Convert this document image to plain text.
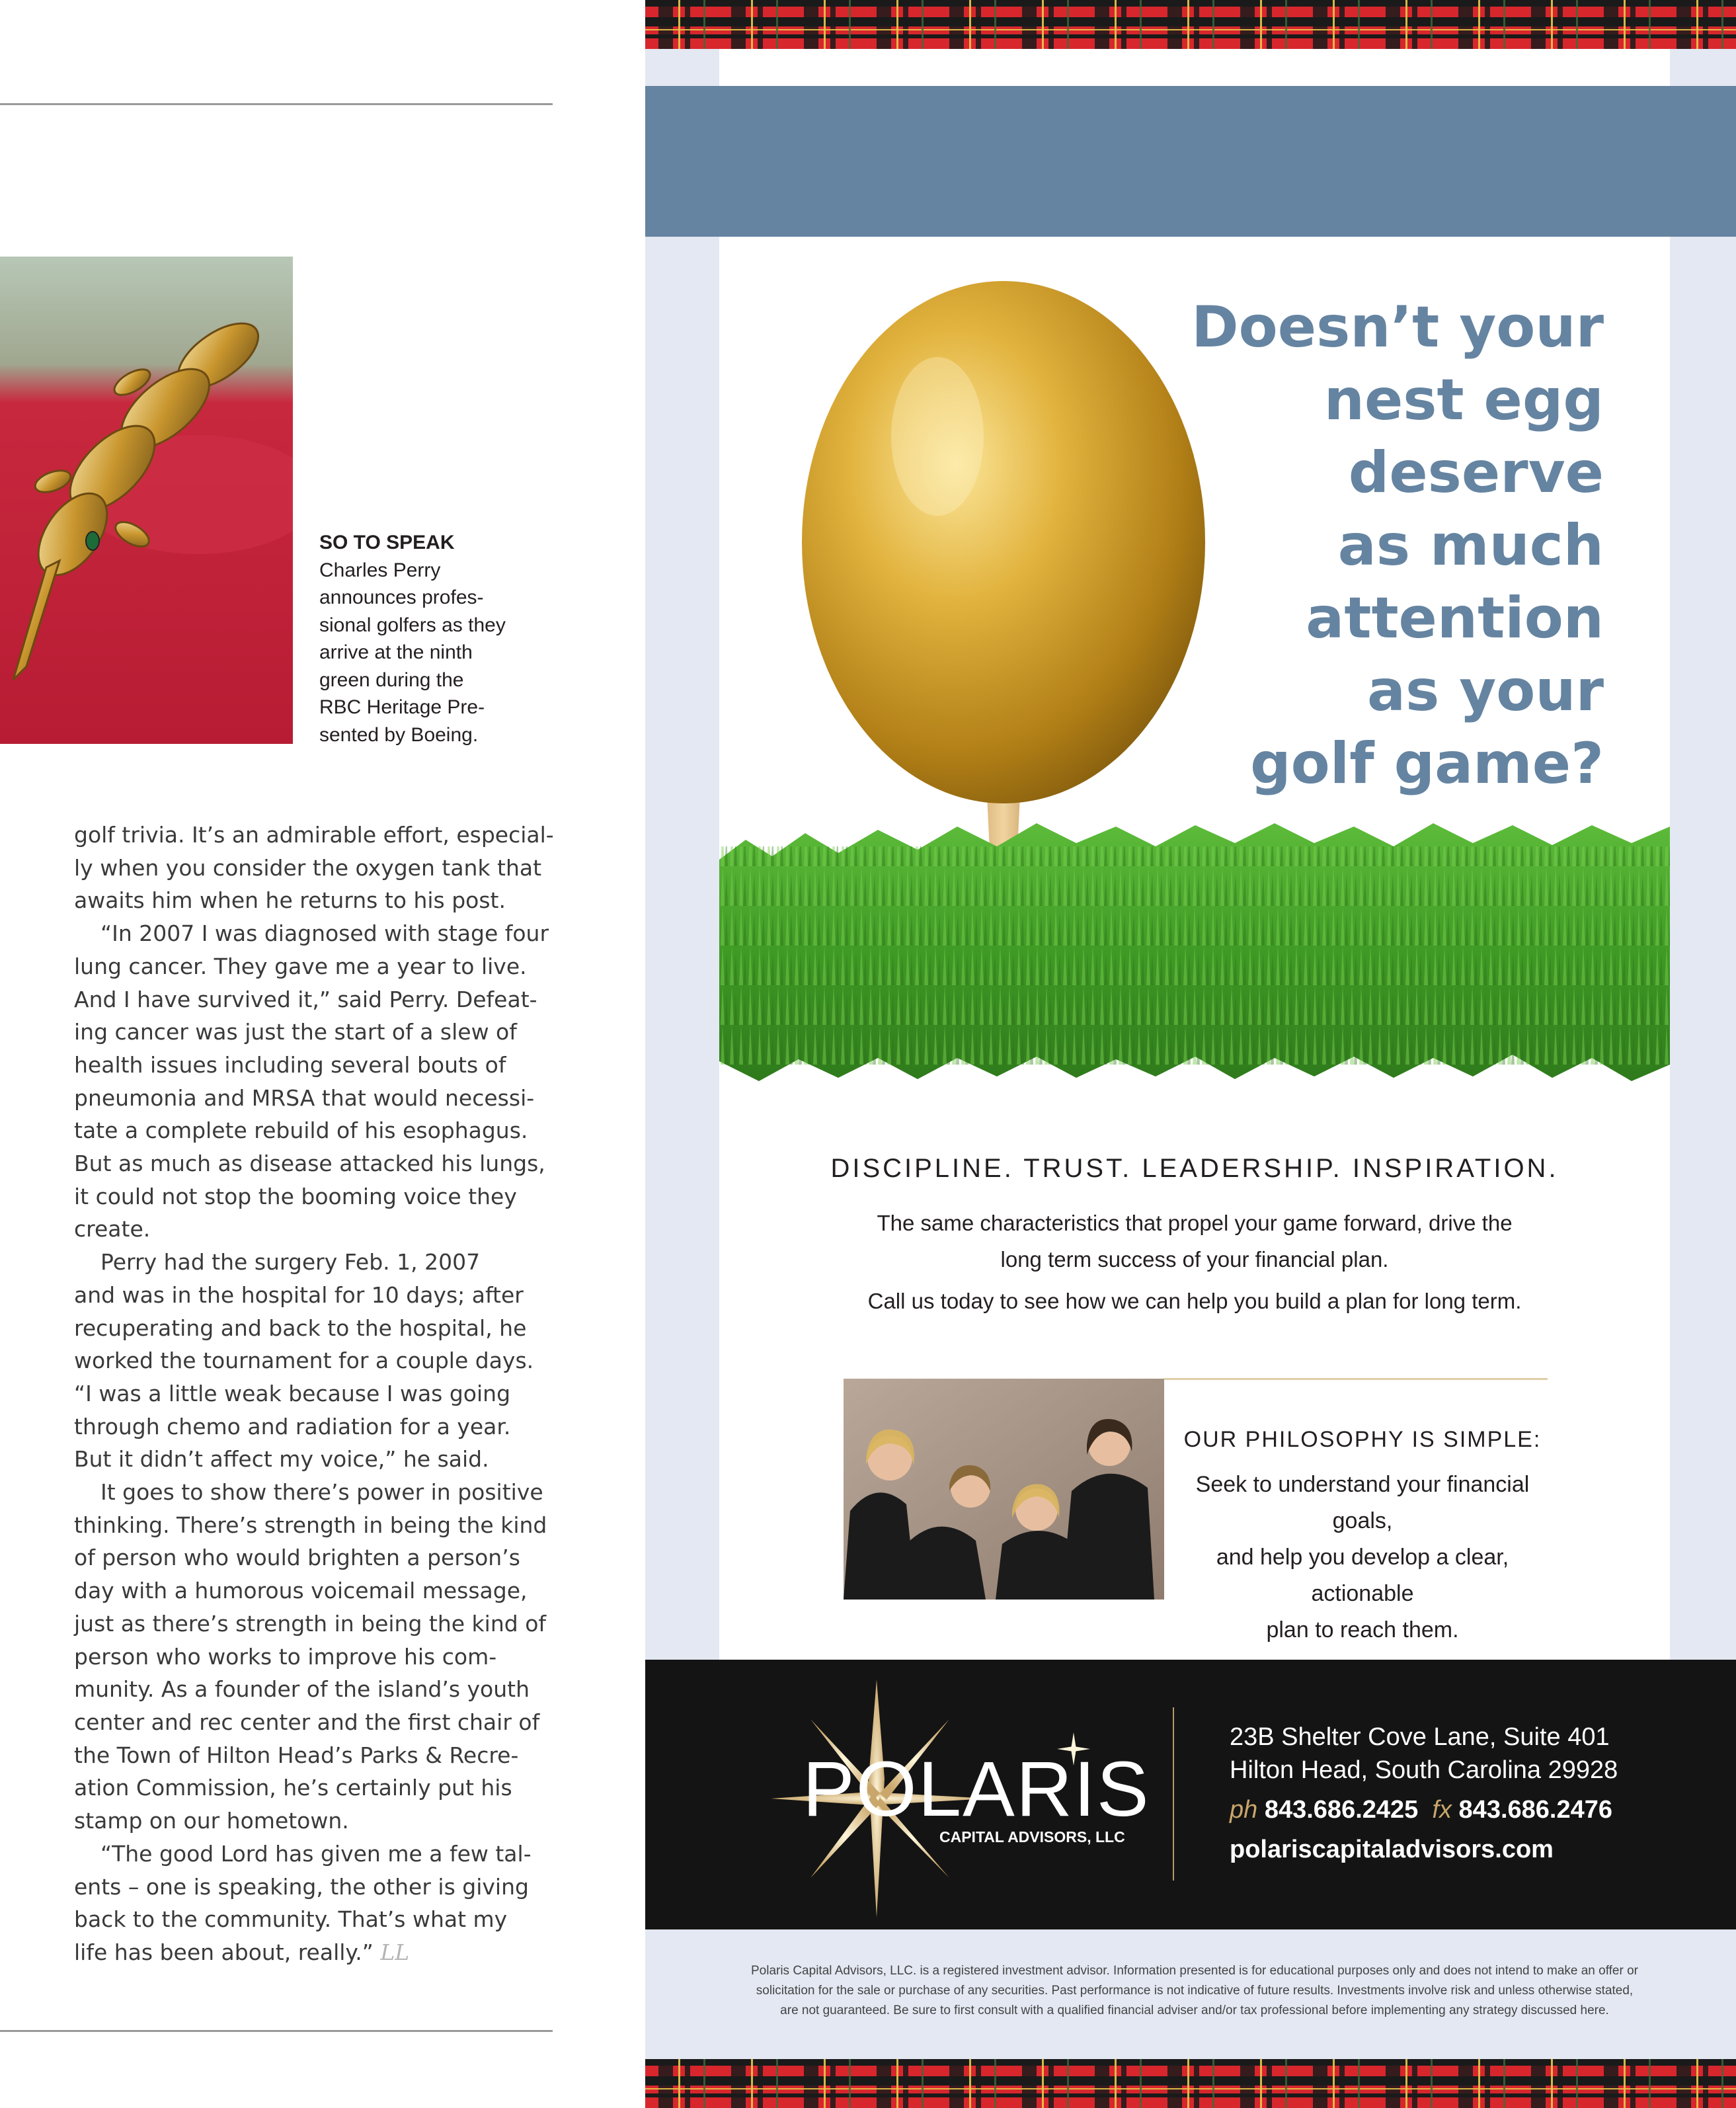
SO TO SPEAK
Charles Perry
announces profes-
sional golfers as they
arrive at the ninth
green during the
RBC Heritage Pre-
sented by Boeing.
golf trivia. It’s an admirable effort, especial-
ly when you consider the oxygen tank that
awaits him when he returns to his post.
“In 2007 I was diagnosed with stage four
lung cancer. They gave me a year to live.
And I have survived it,” said Perry. Defeat-
ing cancer was just the start of a slew of
health issues including several bouts of
pneumonia and MRSA that would necessi-
tate a complete rebuild of his esophagus.
But as much as disease attacked his lungs,
it could not stop the booming voice they
create.
Perry had the surgery Feb. 1, 2007
and was in the hospital for 10 days; after
recuperating and back to the hospital, he
worked the tournament for a couple days.
“I was a little weak because I was going
through chemo and radiation for a year.
But it didn’t affect my voice,” he said.
It goes to show there’s power in positive
thinking. There’s strength in being the kind
of person who would brighten a person’s
day with a humorous voicemail message,
just as there’s strength in being the kind of
person who works to improve his com-
munity. As a founder of the island’s youth
center and rec center and the first chair of
the Town of Hilton Head’s Parks & Recre-
ation Commission, he’s certainly put his
stamp on our hometown.
“The good Lord has given me a few tal-
ents – one is speaking, the other is giving
back to the community. That’s what my
life has been about, really.” LL
Doesn’t your
nest egg
deserve
as much
attention
as your
golf game?
DISCIPLINE. TRUST. LEADERSHIP. INSPIRATION.
The same characteristics that propel your game forward, drive the
long term success of your financial plan.
Call us today to see how we can help you build a plan for long term.
OUR PHILOSOPHY IS SIMPLE:
Seek to understand your financial goals,
and help you develop a clear, actionable
plan to reach them.
POLARIS
CAPITAL ADVISORS, LLC
23B Shelter Cove Lane, Suite 401
Hilton Head, South Carolina 29928
ph 843.686.2425 fx 843.686.2476
polariscapitaladvisors.com
Polaris Capital Advisors, LLC. is a registered investment advisor. Information presented is for educational purposes only and does not intend to make an offer or
solicitation for the sale or purchase of any securities. Past performance is not indicative of future results. Investments involve risk and unless otherwise stated,
are not guaranteed. Be sure to first consult with a qualified financial adviser and/or tax professional before implementing any strategy discussed here.
